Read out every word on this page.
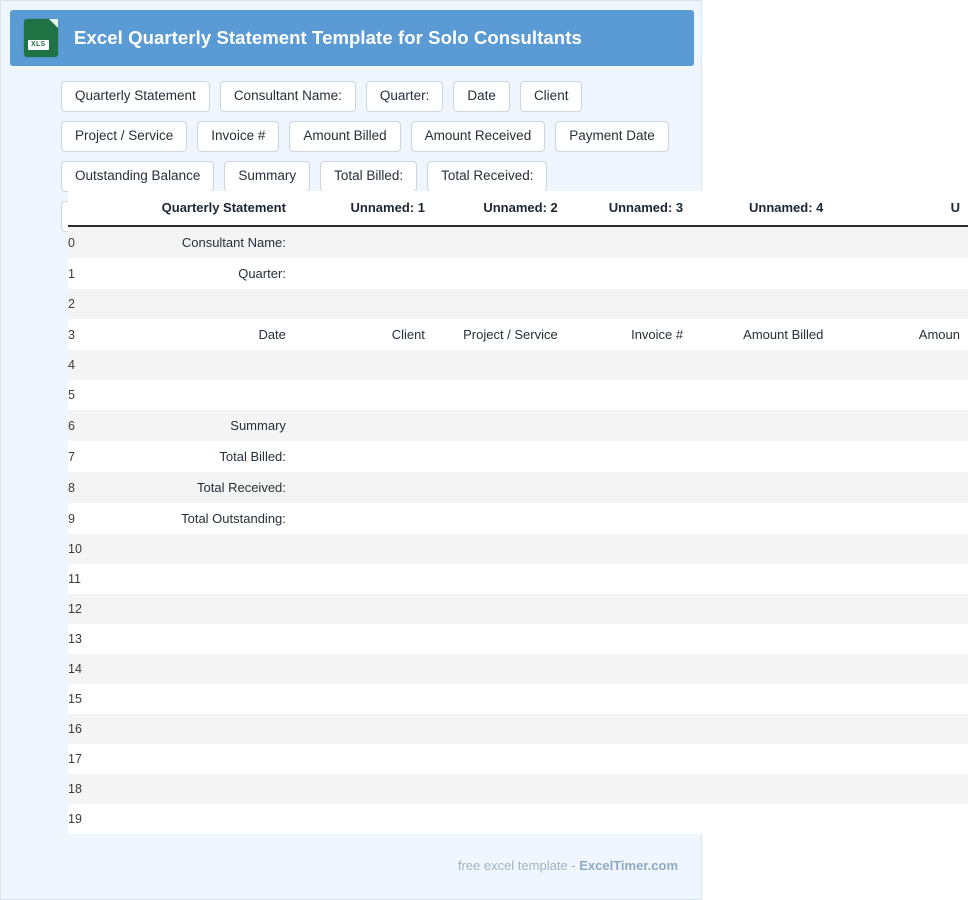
XLS Excel Quarterly Statement Template for Solo Consultants
Quarterly Statement	Consultant Name:	Quarter:	Date	Client
Project / Service	Invoice #	Amount Billed	Amount Received	Payment Date
Outstanding Balance	Summary	Total Billed:	Total Received:
	Quarterly Statement	Unnamed: 1	Unnamed: 2	Unnamed: 3	Unnamed: 4	U
0	Consultant Name:					
1	Quarter:					
2						
3	Date	Client	Project / Service	Invoice #	Amount Billed	Amoun
4						
5						
6	Summary					
7	Total Billed:					
8	Total Received:					
9	Total Outstanding:					
10						
11						
12						
13						
14						
15						
16						
17						
18						
19						
free excel template - ExcelTimer.com
